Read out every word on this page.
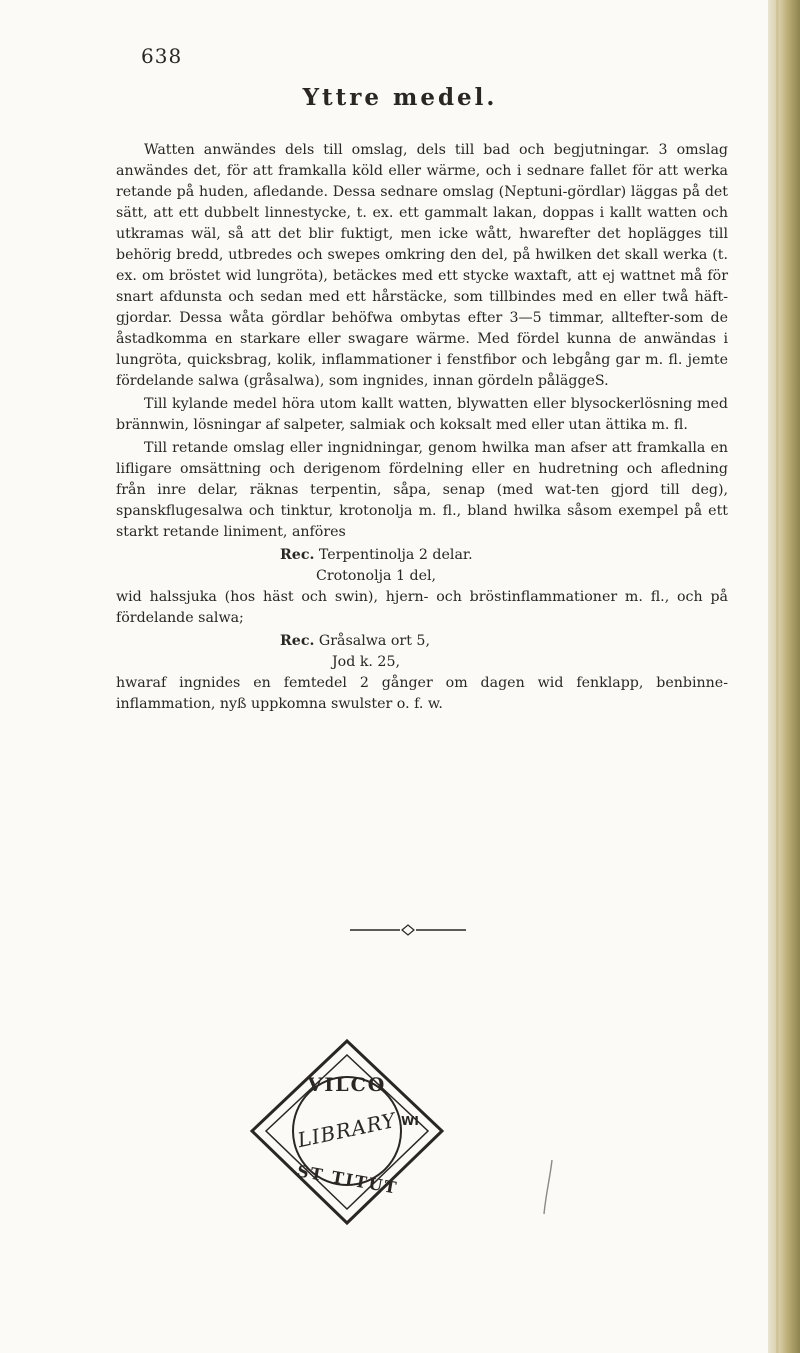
638
Yttre medel.

Watten anwändes dels till omslag, dels till bad och begjutningar. 3 omslag anwändes det, för att framkalla köld eller wärme, och i sednare fallet för att werka retande på huden, afledande. Dessa sednare omslag (Neptuni-gördlar) läggas på det sätt, att ett dubbelt linnestycke, t. ex. ett gammalt lakan, doppas i kallt watten och utkramas wäl, så att det blir fuktigt, men icke wått, hwarefter det hoplägges till behörig bredd, utbredes och swepes omkring den del, på hwilken det skall werka (t. ex. om bröstet wid lungröta), betäckes med ett stycke waxtaft, att ej wattnet må för snart afdunsta och sedan med ett hårstäcke, som tillbindes med en eller twå häft-gjordar. Dessa wåta gördlar behöfwa ombytas efter 3—5 timmar, alltefter-som de åstadkomma en starkare eller swagare wärme. Med fördel kunna de anwändas i lungröta, quicksbrag, kolik, inflammationer i fenstfibor och lebgång gar m. fl. jemte fördelande salwa (gråsalwa), som ingnides, innan gördeln påläggeS.

Till kylande medel höra utom kallt watten, blywatten eller blysockerlösning med brännwin, lösningar af salpeter, salmiak och koksalt med eller utan ättika m. fl.

Till retande omslag eller ingnidningar, genom hwilka man afser att framkalla en lifligare omsättning och derigenom fördelning eller en hudretning och afledning från inre delar, räknas terpentin, såpa, senap (med wat-ten gjord till deg), spanskflugesalwa och tinktur, krotonolja m. fl., bland hwilka såsom exempel på ett starkt retande liniment, anföres

Rec. Terpentinolja 2 delar.
Crotonolja 1 del,

wid halssjuka (hos häst och swin), hjern- och bröstinflammationer m. fl., och på fördelande salwa;

Rec. Gråsalwa ort 5,
Jod k. 25,

hwaraf ingnides en femtedel 2 gånger om dagen wid fenklapp, benbinne-inflammation, nyß uppkomna swulster o. f. w.

VILCO
LIBRARY WI
ST TITUT
